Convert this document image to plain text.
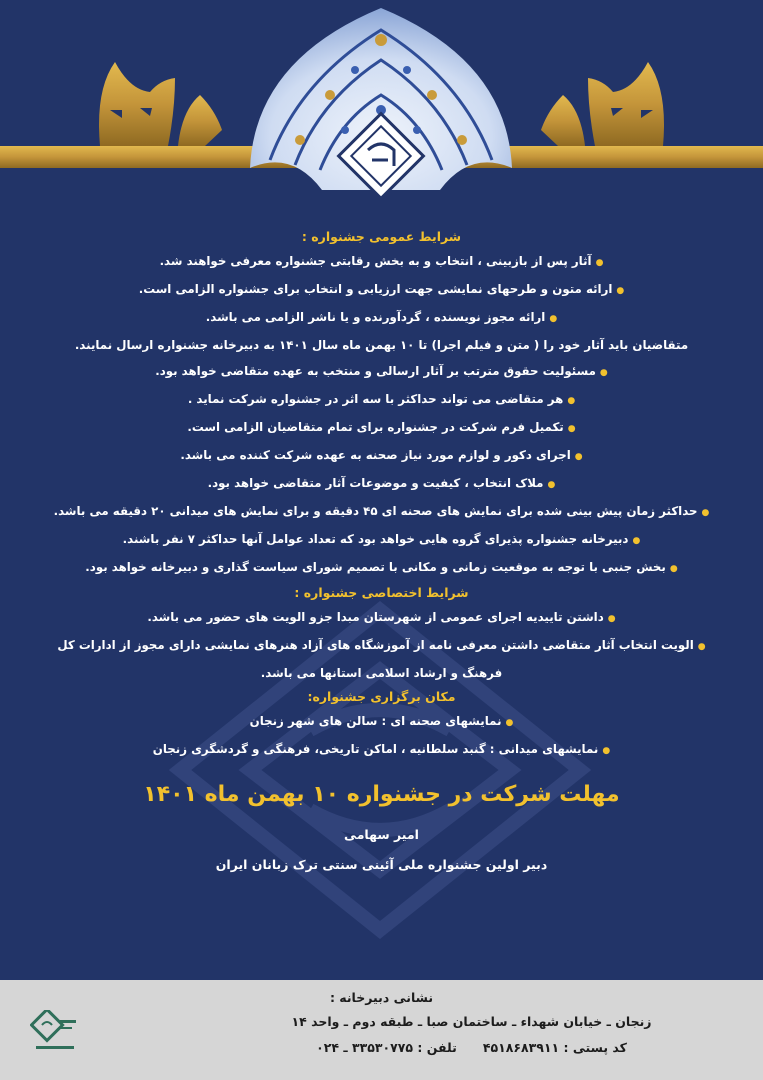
شرایط عمومی جشنواره :

●آثار پس از بازبینی ، انتخاب و به بخش رقابتی جشنواره معرفی خواهند شد.

●ارائه متون و طرحهای نمایشی جهت ارزیابی و انتخاب برای جشنواره الزامی است.

●ارائه مجوز نویسنده ، گردآورنده و یا ناشر الزامی می باشد.

متقاضیان باید آثار خود را ( متن و فیلم اجرا) تا ۱۰ بهمن ماه سال ۱۴۰۱ به دبیرخانه جشنواره ارسال نمایند.

●مسئولیت حقوق مترتب بر آثار ارسالی و منتخب به عهده متقاضی خواهد بود.

●هر متقاضی می تواند حداکثر با سه اثر در جشنواره شرکت نماید .

●تکمیل فرم شرکت در جشنواره برای تمام متقاضیان الزامی است.

●اجرای دکور و لوازم مورد نیاز صحنه به عهده شرکت کننده می باشد.

●ملاک انتخاب ، کیفیت و موضوعات آثار متقاضی خواهد بود.

●حداکثر زمان پیش بینی شده برای نمایش های صحنه ای ۴۵ دقیقه و برای نمایش های میدانی ۲۰ دقیقه می باشد.

●دبیرخانه جشنواره پذیرای گروه هایی خواهد بود که تعداد عوامل آنها حداکثر ۷ نفر باشند.

●بخش جنبی با توجه به موقعیت زمانی و مکانی با تصمیم شورای سیاست گذاری و دبیرخانه خواهد بود.

شرایط اختصاصی جشنواره :

●داشتن تاییدیه اجرای عمومی از شهرستان مبدا جزو الویت های حضور می باشد.

●الویت انتخاب آثار متقاضی داشتن معرفی نامه از آموزشگاه های آزاد هنرهای نمایشی دارای مجوز از ادارات کل فرهنگ و ارشاد اسلامی استانها می باشد.

مکان برگزاری جشنواره:

●نمایشهای صحنه ای : سالن های شهر زنجان

●نمایشهای میدانی : گنبد سلطانیه ، اماکن تاریخی، فرهنگی و گردشگری زنجان

مهلت شرکت در جشنواره ۱۰ بهمن ماه ۱۴۰۱

امیر سهامی

دبیر اولین جشنواره ملی آئینی سنتی ترک زبانان ایران

نشانی دبیرخانه :
زنجان ـ خیابان شهداء ـ ساختمان صبا ـ طبقه دوم ـ واحد ۱۴
کد پستی : ۴۵۱۸۶۸۳۹۱۱      تلفن : ۳۳۵۳۰۷۷۵ ـ ۰۲۴
